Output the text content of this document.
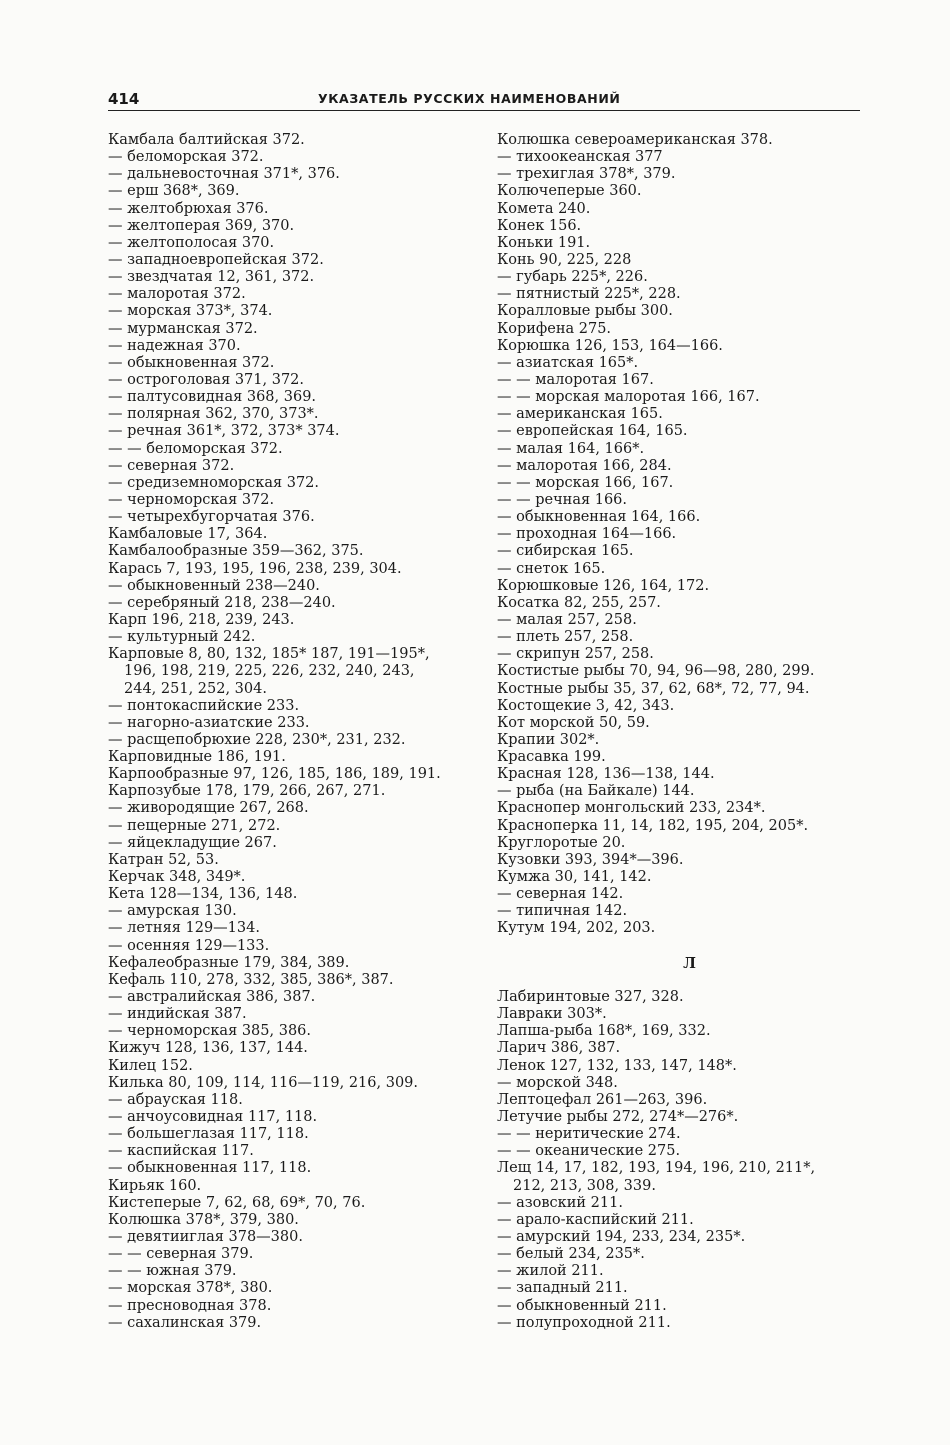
414	УКАЗАТЕЛЬ РУССКИХ НАИМЕНОВАНИЙ
Камбала балтийская 372.
— беломорская 372.
— дальневосточная 371*, 376.
— ерш 368*, 369.
— желтобрюхая 376.
— желтоперая 369, 370.
— желтополосая 370.
— западноевропейская 372.
— звездчатая 12, 361, 372.
— малоротая 372.
— морская 373*, 374.
— мурманская 372.
— надежная 370.
— обыкновенная 372.
— остроголовая 371, 372.
— палтусовидная 368, 369.
— полярная 362, 370, 373*.
— речная 361*, 372, 373* 374.
— — беломорская 372.
— северная 372.
— средиземноморская 372.
— черноморская 372.
— четырехбугорчатая 376.
Камбаловые 17, 364.
Камбалообразные 359—362, 375.
Карась 7, 193, 195, 196, 238, 239, 304.
— обыкновенный 238—240.
— серебряный 218, 238—240.
Карп 196, 218, 239, 243.
— культурный 242.
Карповые 8, 80, 132, 185* 187, 191—195*,
196, 198, 219, 225, 226, 232, 240, 243,
244, 251, 252, 304.
— понтокаспийские 233.
— нагорно-азиатские 233.
— расщепобрюхие 228, 230*, 231, 232.
Карповидные 186, 191.
Карпообразные 97, 126, 185, 186, 189, 191.
Карпозубые 178, 179, 266, 267, 271.
— живородящие 267, 268.
— пещерные 271, 272.
— яйцекладущие 267.
Катран 52, 53.
Керчак 348, 349*.
Кета 128—134, 136, 148.
— амурская 130.
— летняя 129—134.
— осенняя 129—133.
Кефалеобразные 179, 384, 389.
Кефаль 110, 278, 332, 385, 386*, 387.
— австралийская 386, 387.
— индийская 387.
— черноморская 385, 386.
Кижуч 128, 136, 137, 144.
Килец 152.
Килька 80, 109, 114, 116—119, 216, 309.
— абрауская 118.
— анчоусовидная 117, 118.
— большеглазая 117, 118.
— каспийская 117.
— обыкновенная 117, 118.
Кирьяк 160.
Кистеперые 7, 62, 68, 69*, 70, 76.
Колюшка 378*, 379, 380.
— девятииглая 378—380.
— — северная 379.
— — южная 379.
— морская 378*, 380.
— пресноводная 378.
— сахалинская 379.
Колюшка североамериканская 378.
— тихоокеанская 377
— трехиглая 378*, 379.
Колючеперые 360.
Комета 240.
Конек 156.
Коньки 191.
Конь 90, 225, 228
— губарь 225*, 226.
— пятнистый 225*, 228.
Коралловые рыбы 300.
Корифена 275.
Корюшка 126, 153, 164—166.
— азиатская 165*.
— — малоротая 167.
— — морская малоротая 166, 167.
— американская 165.
— европейская 164, 165.
— малая 164, 166*.
— малоротая 166, 284.
— — морская 166, 167.
— — речная 166.
— обыкновенная 164, 166.
— проходная 164—166.
— сибирская 165.
— снеток 165.
Корюшковые 126, 164, 172.
Косатка 82, 255, 257.
— малая 257, 258.
— плеть 257, 258.
— скрипун 257, 258.
Костистые рыбы 70, 94, 96—98, 280, 299.
Костные рыбы 35, 37, 62, 68*, 72, 77, 94.
Костощекие 3, 42, 343.
Кот морской 50, 59.
Крапии 302*.
Красавка 199.
Красная 128, 136—138, 144.
— рыба (на Байкале) 144.
Краснопер монгольский 233, 234*.
Красноперка 11, 14, 182, 195, 204, 205*.
Круглоротые 20.
Кузовки 393, 394*—396.
Кумжа 30, 141, 142.
— северная 142.
— типичная 142.
Кутум 194, 202, 203.
Л
Лабиринтовые 327, 328.
Лавраки 303*.
Лапша-рыба 168*, 169, 332.
Ларич 386, 387.
Ленок 127, 132, 133, 147, 148*.
— морской 348.
Лептоцефал 261—263, 396.
Летучие рыбы 272, 274*—276*.
— — неритические 274.
— — океанические 275.
Лещ 14, 17, 182, 193, 194, 196, 210, 211*,
212, 213, 308, 339.
— азовский 211.
— арало-каспийский 211.
— амурский 194, 233, 234, 235*.
— белый 234, 235*.
— жилой 211.
— западный 211.
— обыкновенный 211.
— полупроходной 211.
